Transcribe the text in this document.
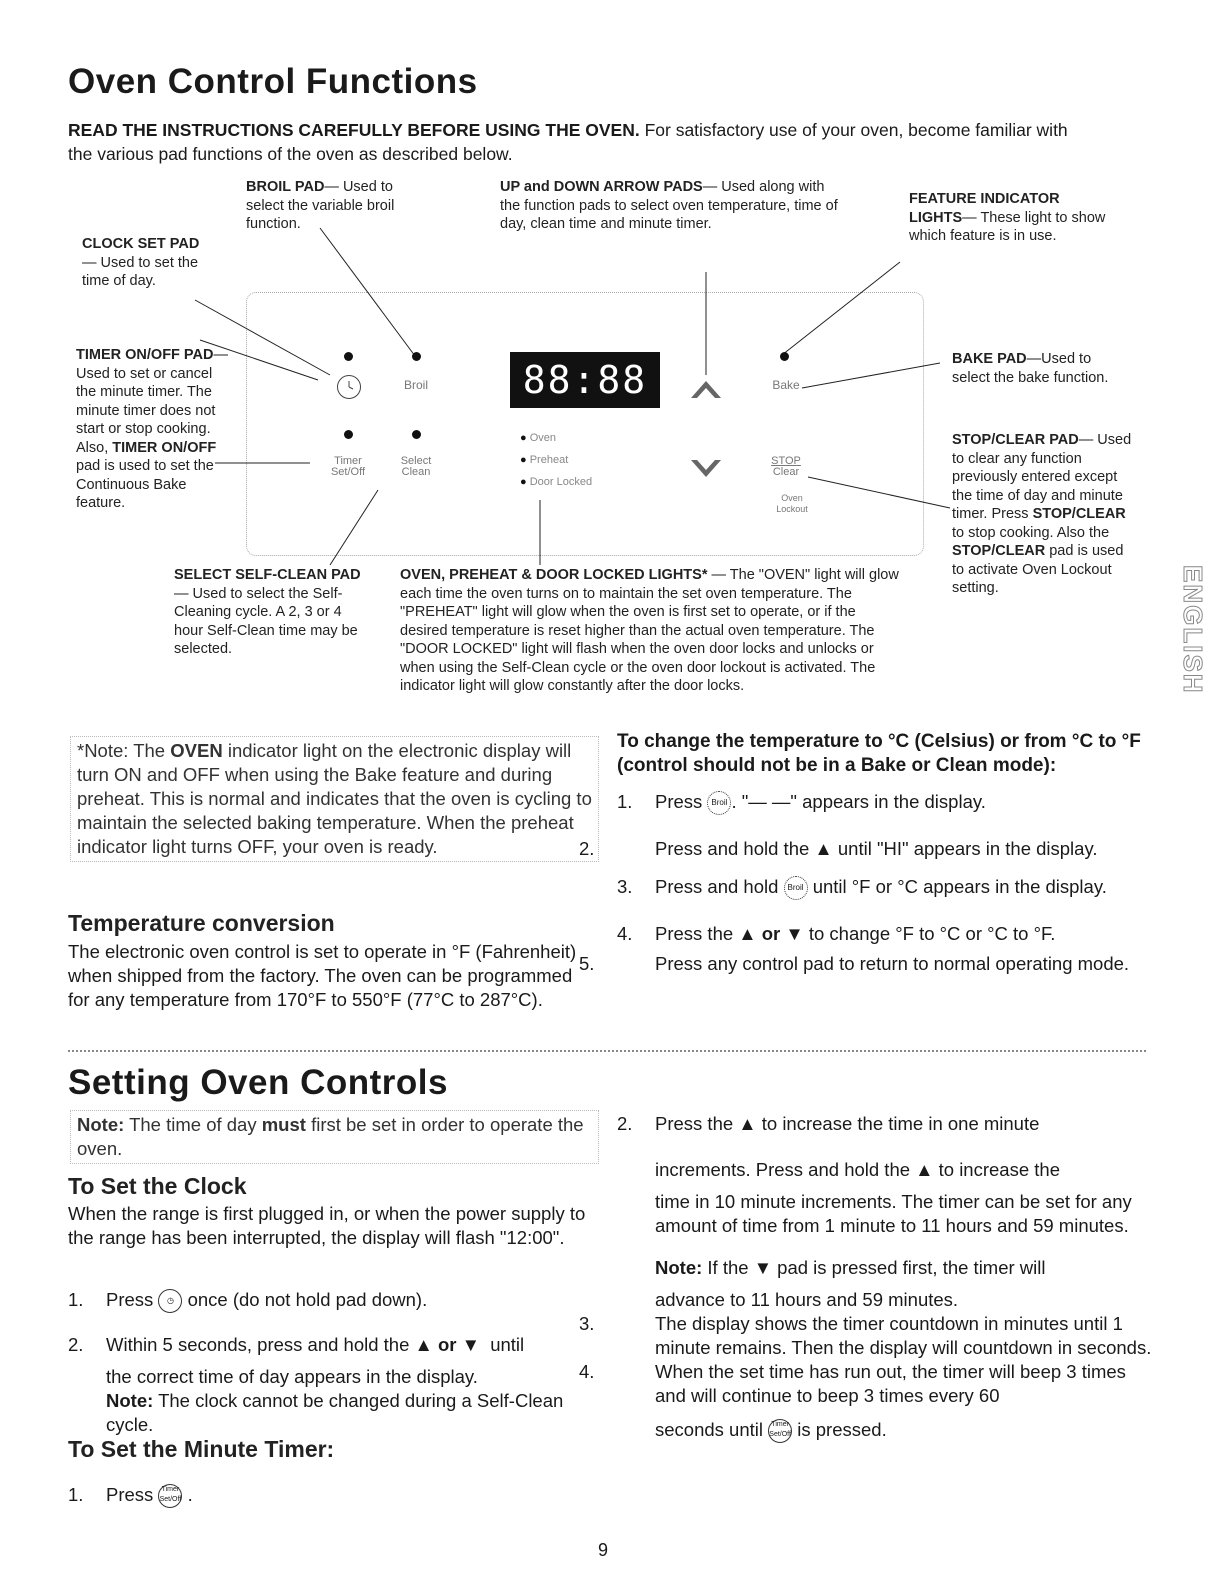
Oven Control Functions
READ THE INSTRUCTIONS CAREFULLY BEFORE USING THE OVEN. For satisfactory use of your oven, become familiar with
the various pad functions of the oven as described below.
BROIL PAD— Used to select the variable broil function.
UP and DOWN ARROW PADS— Used along with the function pads to select oven temperature, time of day, clean time and minute timer.
FEATURE INDICATOR LIGHTS— These light to show which feature is in use.
CLOCK SET PAD— Used to set the time of day.
TIMER ON/OFF PAD— Used to set or cancel the minute timer. The minute timer does not start or stop cooking. Also, TIMER ON/OFF pad is used to set the Continuous Bake feature.
BAKE PAD—Used to select the bake function.
STOP/CLEAR PAD— Used to clear any function previously entered except the time of day and minute timer. Press STOP/CLEAR to stop cooking. Also the STOP/CLEAR pad is used to activate Oven Lockout setting.
SELECT SELF-CLEAN PAD— Used to select the Self-Cleaning cycle. A 2, 3 or 4 hour Self-Clean time may be selected.
OVEN, PREHEAT & DOOR LOCKED LIGHTS* — The "OVEN" light will glow each time the oven turns on to maintain the set oven temperature. The "PREHEAT" light will glow when the oven is first set to operate, or if the desired temperature is reset higher than the actual oven temperature. The "DOOR LOCKED" light will flash when the oven door locks and unlocks or when using the Self-Clean cycle or the oven door lockout is activated. The indicator light will glow constantly after the door locks.
Broil
Timer
Set/Off
Select
Clean
88:88
● Oven
● Preheat
● Door Locked
Bake
STOP
Clear
Oven
Lockout
*Note: The OVEN indicator light on the electronic display will turn ON and OFF when using the Bake feature and during preheat. This is normal and indicates that the oven is cycling to maintain the selected baking temperature. When the preheat indicator light turns OFF, your oven is ready.
Temperature conversion
The electronic oven control is set to operate in °F (Fahrenheit) when shipped from the factory. The oven can be programmed for any temperature from 170°F to 550°F (77°C to 287°C).
To change the temperature to °C (Celsius) or from °C to °F (control should not be in a Bake or Clean mode):
1. Press Broil . "— —" appears in the display.
2.	Press and hold the ▲ until "HI" appears in the display.
3. Press and hold Broil until °F or °C appears in the display.
4. Press the ▲ or ▼ to change °F to °C or °C to °F.
5.	Press any control pad to return to normal operating mode.
Setting Oven Controls
Note: The time of day must first be set in order to operate the oven.
To Set the Clock
When the range is first plugged in, or when the power supply to the range has been interrupted, the display will flash "12:00".
1. Press ◷ once (do not hold pad down).
2. Within 5 seconds, press and hold the ▲ or ▼ until
the correct time of day appears in the display.
Note: The clock cannot be changed during a Self-Clean cycle.
To Set the Minute Timer:
1. Press Timer
Set/Off .
2. Press the ▲ to increase the time in one minute
increments. Press and hold the ▲ to increase the
time in 10 minute increments. The timer can be set for any amount of time from 1 minute to 11 hours and 59 minutes.
Note: If the ▼ pad is pressed first, the timer will
advance to 11 hours and 59 minutes.
3.	The display shows the timer countdown in minutes until 1 minute remains. Then the display will countdown in seconds.
4.	When the set time has run out, the timer will beep 3 times and will continue to beep 3 times every 60
seconds until Timer
Set/Off is pressed.
ENGLISH
9
